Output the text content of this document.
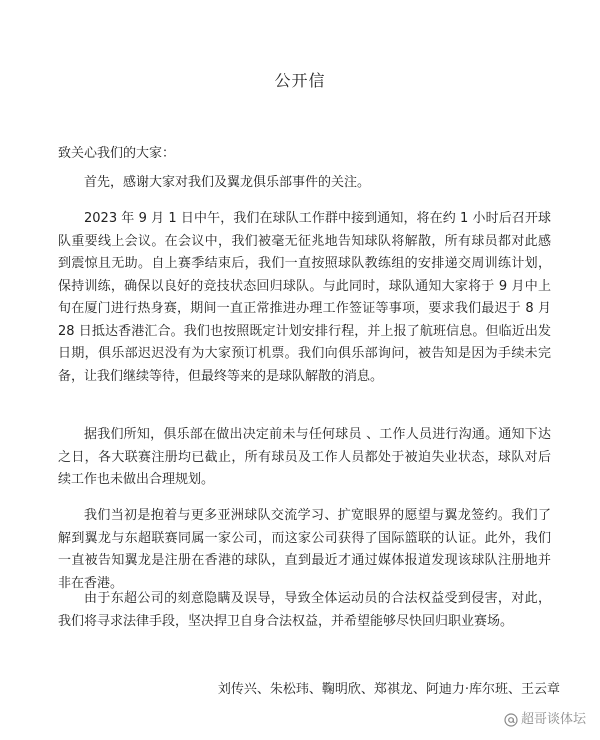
公开信
致关心我们的大家：

首先，感谢大家对我们及翼龙俱乐部事件的关注。

2023 年 9 月 1 日中午，我们在球队工作群中接到通知，将在约 1 小时后召开球队重要线上会议。在会议中，我们被毫无征兆地告知球队将解散，所有球员都对此感到震惊且无助。自上赛季结束后，我们一直按照球队教练组的安排递交周训练计划，保持训练，确保以良好的竞技状态回归球队。与此同时，球队通知大家将于 9 月中上旬在厦门进行热身赛，期间一直正常推进办理工作签证等事项，要求我们最迟于 8 月 28 日抵达香港汇合。我们也按照既定计划安排行程，并上报了航班信息。但临近出发日期，俱乐部迟迟没有为大家预订机票。我们向俱乐部询问，被告知是因为手续未完备，让我们继续等待，但最终等来的是球队解散的消息。

据我们所知，俱乐部在做出决定前未与任何球员 、工作人员进行沟通。通知下达之日，各大联赛注册均已截止，所有球员及工作人员都处于被迫失业状态，球队对后续工作也未做出合理规划。

我们当初是抱着与更多亚洲球队交流学习、扩宽眼界的愿望与翼龙签约。我们了解到翼龙与东超联赛同属一家公司，而这家公司获得了国际篮联的认证。此外，我们一直被告知翼龙是注册在香港的球队，直到最近才通过媒体报道发现该球队注册地并非在香港。

由于东超公司的刻意隐瞒及误导，导致全体运动员的合法权益受到侵害，对此，我们将寻求法律手段，坚决捍卫自身合法权益，并希望能够尽快回归职业赛场。

刘传兴、朱松玮、鞠明欣、郑祺龙、阿迪力·库尔班、王云章
超哥谈体坛
